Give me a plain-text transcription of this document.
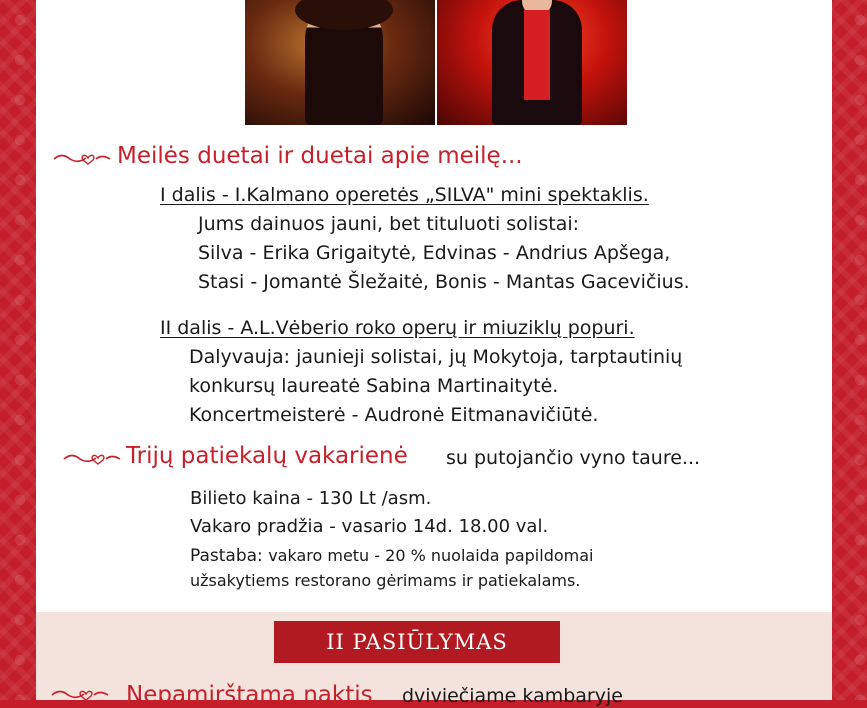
Meilės duetai ir duetai apie meilę...
I dalis - I.Kalmano operetės „SILVA" mini spektaklis.
Jums dainuos jauni, bet tituluoti solistai:
Silva - Erika Grigaitytė, Edvinas - Andrius Apšega,
Stasi - Jomantė Šležaitė, Bonis - Mantas Gacevičius.
II dalis - A.L.Vėberio roko operų ir miuziklų popuri.
Dalyvauja: jaunieji solistai, jų Mokytoja, tarptautinių
konkursų laureatė Sabina Martinaitytė.
Koncertmeisterė - Audronė Eitmanavičiūtė.
Trijų patiekalų vakarienė su putojančio vyno taure...
Bilieto kaina - 130 Lt /asm.
Vakaro pradžia - vasario 14d. 18.00 val.
Pastaba: vakaro metu - 20 % nuolaida papildomai
užsakytiems restorano gėrimams ir patiekalams.
II PASIŪLYMAS
Nepamirštama naktis dviviečiame kambaryje
